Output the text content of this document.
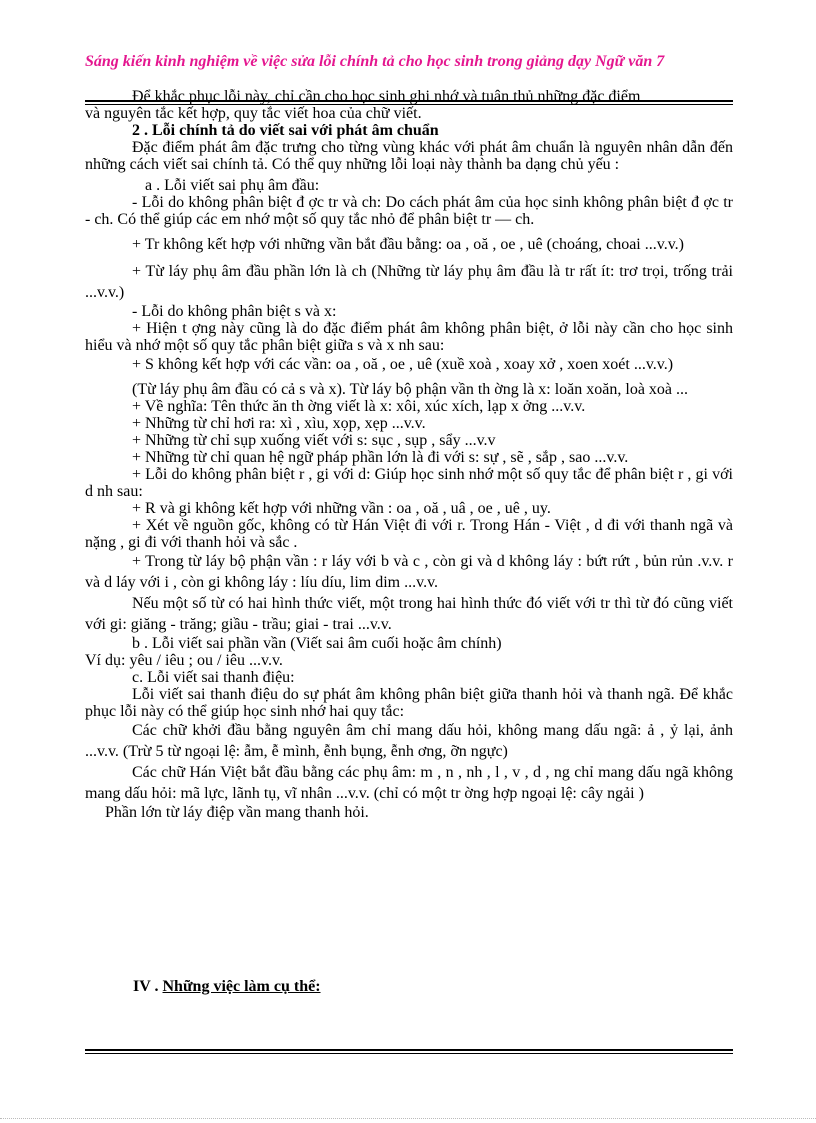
Sáng kiến kinh nghiệm về việc sửa lỗi chính tả cho học sinh trong giảng dạy Ngữ văn 7

Để khắc phục lỗi này, chỉ cần cho học sinh ghi nhớ và tuân thủ những đặc điểm

và nguyên tắc kết hợp, quy tắc viết hoa của chữ viết.

2 . Lỗi chính tả do viết sai với phát âm chuẩn

Đặc điểm phát âm đặc trưng cho từng vùng khác với phát âm chuẩn là nguyên nhân dẫn đến những cách viết sai chính tả. Có thể quy những lỗi loại này thành ba dạng chủ yếu :

a . Lỗi viết sai phụ âm đầu:

- Lỗi do không phân biệt đ ợc tr và ch: Do cách phát âm của học sinh không phân biệt đ ợc tr - ch. Có thể giúp các em nhớ một số quy tắc nhỏ để phân biệt tr — ch.

+ Tr không kết hợp với những vần bắt đầu bằng: oa , oă , oe , uê (choáng, choai ...v.v.)

+ Từ láy phụ âm đầu phần lớn là ch (Những từ láy phụ âm đầu là tr rất ít: trơ trọi, trống trải ...v.v.)

- Lỗi do không phân biệt s và x:

+ Hiện t ợng này cũng là do đặc điểm phát âm không phân biệt, ở lỗi này cần cho học sinh hiểu và nhớ một số quy tắc phân biệt giữa s và x nh sau:

+ S không kết hợp với các vần: oa , oă , oe , uê (xuề xoà , xoay xở , xoen xoét ...v.v.)

(Từ láy phụ âm đầu có cả s và x). Từ láy bộ phận vần th ờng là x: loăn xoăn, loà xoà ...

+ Về nghĩa: Tên thức ăn th ờng viết là x: xôi, xúc xích, lạp x ởng ...v.v.

+ Những từ chỉ hơi ra: xì , xìu, xọp, xẹp ...v.v.

+ Những từ chỉ sụp xuống viết với s: sục , sụp , sẩy ...v.v

+ Những từ chỉ quan hệ ngữ pháp phần lớn là đi với s: sự , sẽ , sắp , sao ...v.v.

+ Lỗi do không phân biệt r , gi với d: Giúp học sinh nhớ một số quy tắc để phân biệt r , gi với d nh sau:

+ R và gi không kết hợp với những vần : oa , oă , uâ , oe , uê , uy.

+ Xét về nguồn gốc, không có từ Hán Việt đi với r. Trong Hán - Việt , d đi với thanh ngã và nặng , gi đi với thanh hỏi và sắc .

+ Trong từ láy bộ phận vần : r láy với b và c , còn gi và d không láy : bứt rứt , bủn rủn .v.v. r và d láy với i , còn gi không láy : líu díu, lim dim ...v.v.

Nếu một số từ có hai hình thức viết, một trong hai hình thức đó viết với tr thì từ đó cũng viết với gi: giăng - trăng; giầu - trầu; giai - trai ...v.v.

b . Lỗi viết sai phần vần (Viết sai âm cuối hoặc âm chính)

Ví dụ: yêu / iêu ; ou / iêu ...v.v.

c. Lỗi viết sai thanh điệu:

Lỗi viết sai thanh điệu do sự phát âm không phân biệt giữa thanh hỏi và thanh ngã. Để khắc phục lỗi này có thể giúp học sinh nhớ hai quy tắc:

Các chữ khởi đầu bằng nguyên âm chỉ mang dấu hỏi, không mang dấu ngã: ả , ỷ lại, ảnh ...v.v. (Trừ 5 từ ngoại lệ: ẫm, ễ mình, ễnh bụng, ễnh ơng, ỡn ngực)

Các chữ Hán Việt bắt đầu bằng các phụ âm: m , n , nh , l , v , d , ng chỉ mang dấu ngã không mang dấu hỏi: mã lực, lãnh tụ, vĩ nhân ...v.v. (chỉ có một tr ờng hợp ngoại lệ: cây ngải )

Phần lớn từ láy điệp vần mang thanh hỏi.

IV . Những việc làm cụ thể:
